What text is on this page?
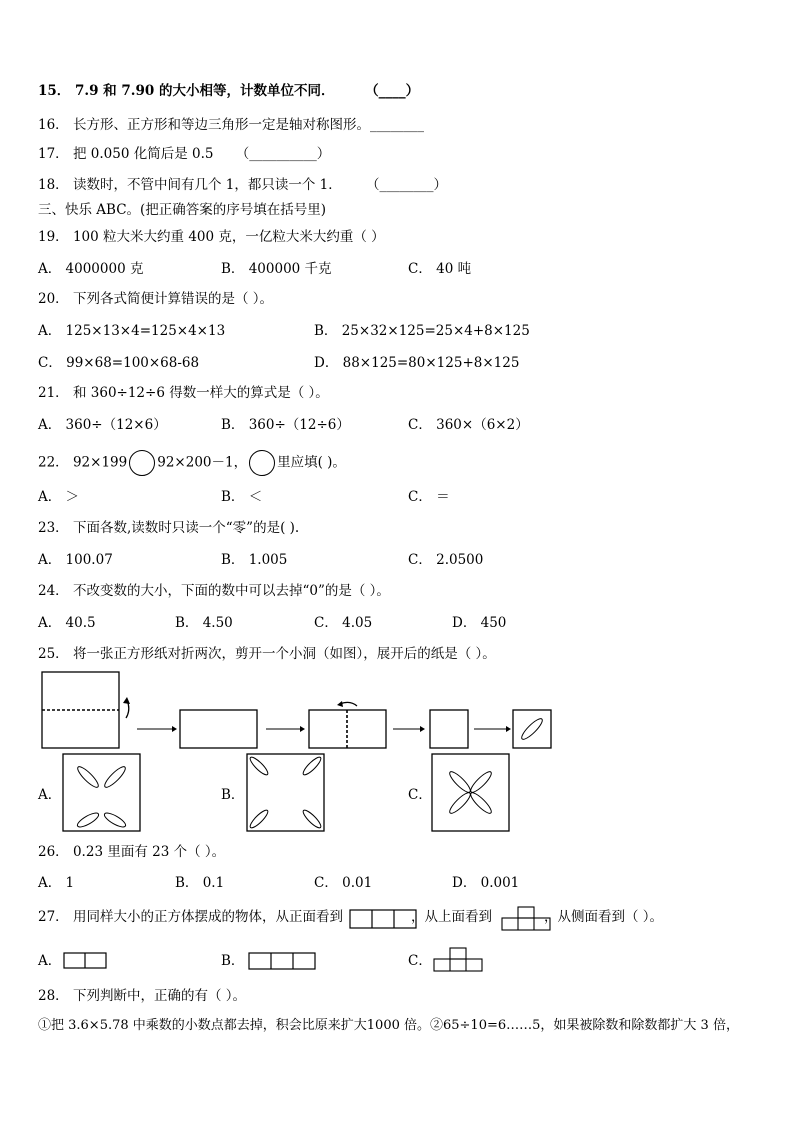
15． 7.9 和 7.90 的大小相等，计数单位不同． （____）
16． 长方形、正方形和等边三角形一定是轴对称图形。________
17． 把 0.050 化简后是 0.5 （__________）
18． 读数时，不管中间有几个 1，都只读一个 1． （________）
三、快乐 ABC。(把正确答案的序号填在括号里)
19． 100 粒大米大约重 400 克，一亿粒大米大约重（ ）
A． 4000000 克	B． 400000 千克	C． 40 吨
20． 下列各式简便计算错误的是（ ）。
A． 125×13×4=125×4×13	B． 25×32×125=25×4+8×125
C． 99×68=100×68-68	D． 88×125=80×125+8×125
21． 和 360÷12÷6 得数一样大的算式是（ ）。
A． 360÷（12×6）	B． 360÷（12÷6）	C． 360×（6×2）
22． 92×199 92×200－1， 里应填( )。
A． ＞	B． ＜	C． ＝
23． 下面各数,读数时只读一个“零”的是( ).
A． 100.07	B． 1.005	C． 2.0500
24． 不改变数的大小，下面的数中可以去掉“0”的是（ ）。
A． 40.5	B． 4.50	C． 4.05	D． 450
25． 将一张正方形纸对折两次，剪开一个小洞（如图），展开后的纸是（ ）。
A．	B．	C．
26． 0.23 里面有 23 个（ ）。
A． 1	B． 0.1	C． 0.01	D． 0.001
27． 用同样大小的正方体摆成的物体，从正面看到	，从上面看到	，从侧面看到（ ）。
A．	B．	C．
28． 下列判断中，正确的有（ ）。
①把 3.6×5.78 中乘数的小数点都去掉，积会比原来扩大1000 倍。②65÷10=6……5，如果被除数和除数都扩大 3 倍，
